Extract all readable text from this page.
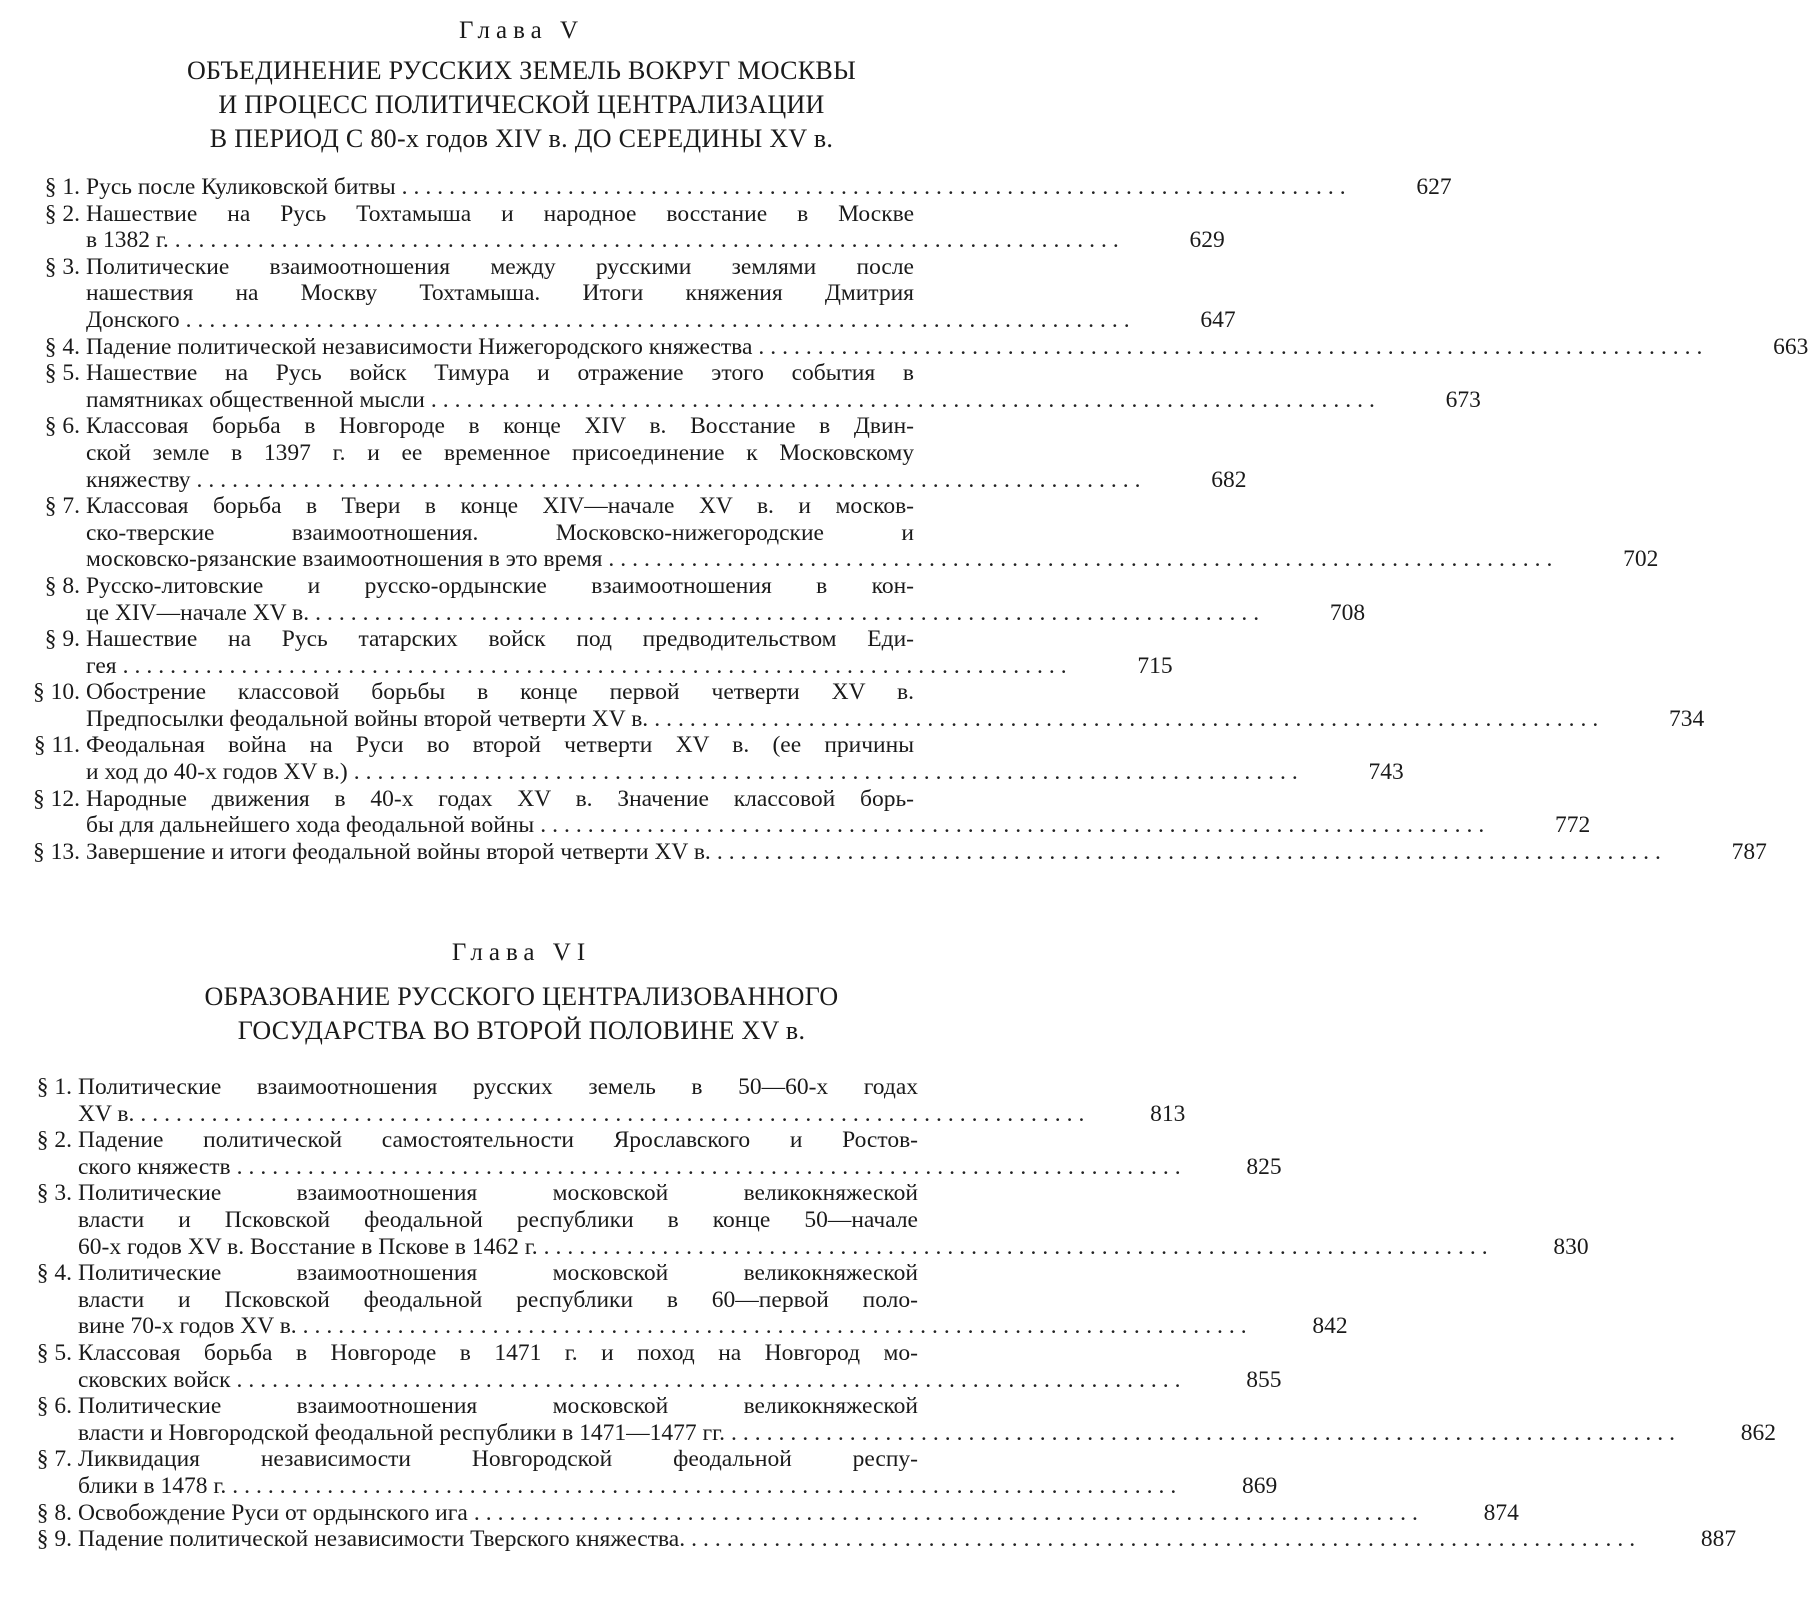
Глава V
ОБЪЕДИНЕНИЕ РУССКИХ ЗЕМЕЛЬ ВОКРУГ МОСКВЫ
И ПРОЦЕСС ПОЛИТИЧЕСКОЙ ЦЕНТРАЛИЗАЦИИ
В ПЕРИОД С 80-х годов XIV в. ДО СЕРЕДИНЫ XV в.
§ 1. Русь после Куликовской битвы ................................................................................	627
§ 2. Нашествие на Русь Тохтамыша и народное восстание в Москве
в 1382 г. ................................................................................	629
§ 3. Политические взаимоотношения между русскими землями после
нашествия на Москву Тохтамыша. Итоги княжения Дмитрия
Донского ................................................................................	647
§ 4. Падение политической независимости Нижегородского княжества ................................................................................	663
§ 5. Нашествие на Русь войск Тимура и отражение этого события в
памятниках общественной мысли ................................................................................	673
§ 6. Классовая борьба в Новгороде в конце XIV в. Восстание в Двин-
ской земле в 1397 г. и ее временное присоединение к Московскому
княжеству ................................................................................	682
§ 7. Классовая борьба в Твери в конце XIV—начале XV в. и москов-
ско-тверские взаимоотношения. Московско-нижегородские и
московско-рязанские взаимоотношения в это время ................................................................................	702
§ 8. Русско-литовские и русско-ордынские взаимоотношения в кон-
це XIV—начале XV в. ................................................................................	708
§ 9. Нашествие на Русь татарских войск под предводительством Еди-
гея ................................................................................	715
§ 10. Обострение классовой борьбы в конце первой четверти XV в.
Предпосылки феодальной войны второй четверти XV в. ................................................................................	734
§ 11. Феодальная война на Руси во второй четверти XV в. (ее причины
и ход до 40-х годов XV в.) ................................................................................	743
§ 12. Народные движения в 40-х годах XV в. Значение классовой борь-
бы для дальнейшего хода феодальной войны ................................................................................	772
§ 13. Завершение и итоги феодальной войны второй четверти XV в. ................................................................................	787
Глава VI
ОБРАЗОВАНИЕ РУССКОГО ЦЕНТРАЛИЗОВАННОГО
ГОСУДАРСТВА ВО ВТОРОЙ ПОЛОВИНЕ XV в.
§ 1. Политические взаимоотношения русских земель в 50—60-х годах
XV в. ................................................................................	813
§ 2. Падение политической самостоятельности Ярославского и Ростов-
ского княжеств ................................................................................	825
§ 3. Политические взаимоотношения московской великокняжеской
власти и Псковской феодальной республики в конце 50—начале
60-х годов XV в. Восстание в Пскове в 1462 г. ................................................................................	830
§ 4. Политические взаимоотношения московской великокняжеской
власти и Псковской феодальной республики в 60—первой поло-
вине 70-х годов XV в. ................................................................................	842
§ 5. Классовая борьба в Новгороде в 1471 г. и поход на Новгород мо-
сковских войск ................................................................................	855
§ 6. Политические взаимоотношения московской великокняжеской
власти и Новгородской феодальной республики в 1471—1477 гг. ................................................................................	862
§ 7. Ликвидация независимости Новгородской феодальной респу-
блики в 1478 г. ................................................................................	869
§ 8. Освобождение Руси от ордынского ига ................................................................................	874
§ 9. Падение политической независимости Тверского княжества. ................................................................................	887
